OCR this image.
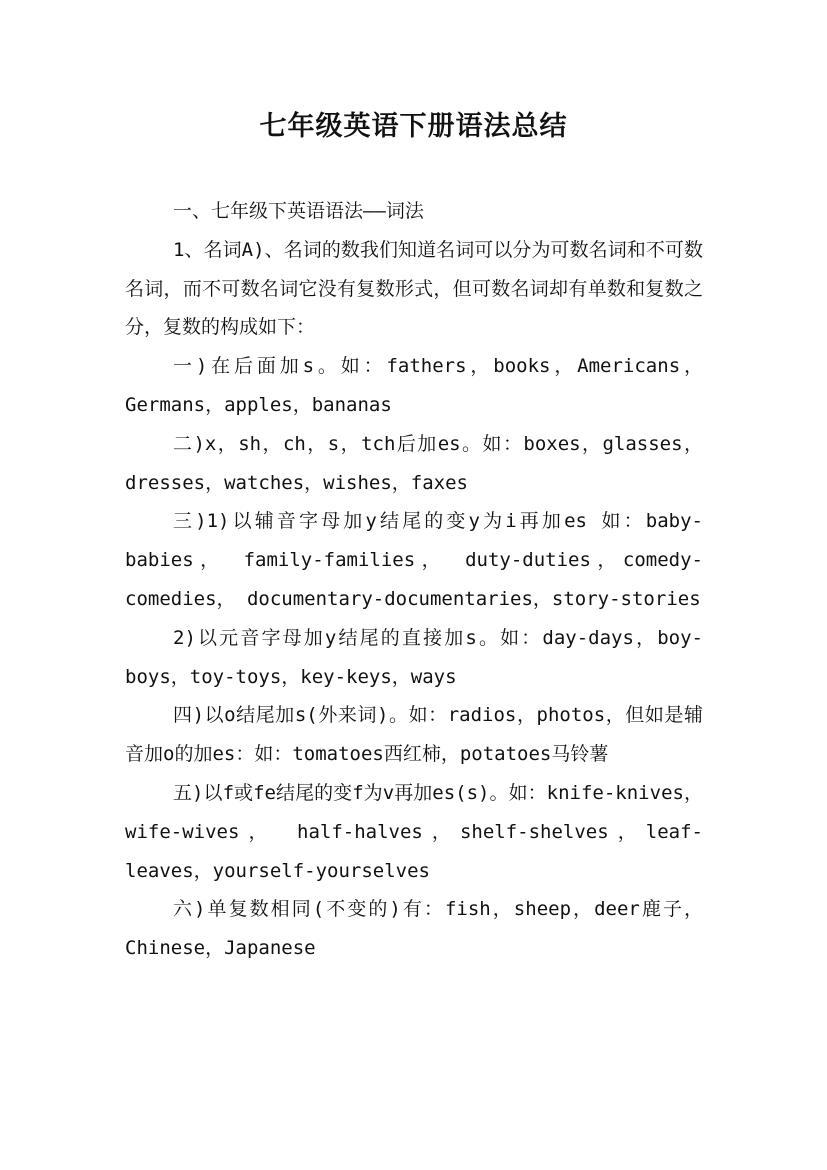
七年级英语下册语法总结

一、七年级下英语语法——词法

1、名词A)、名词的数我们知道名词可以分为可数名词和不可数名词，而不可数名词它没有复数形式，但可数名词却有单数和复数之分，复数的构成如下：

一)在后面加s。如：fathers，books，Americans，Germans，apples，bananas

二)x，sh，ch，s，tch后加es。如：boxes，glasses，dresses，watches，wishes，faxes

三)1)以辅音字母加y结尾的变y为i再加es 如：baby-babies， family-families， duty-duties，comedy-comedies， documentary-documentaries，story-stories

2)以元音字母加y结尾的直接加s。如：day-days，boy-boys，toy-toys，key-keys，ways

四)以o结尾加s(外来词)。如：radios，photos，但如是辅音加o的加es：如：tomatoes西红柿，potatoes马铃薯

五)以f或fe结尾的变f为v再加es(s)。如：knife-knives， wife-wives， half-halves，shelf-shelves，leaf-leaves，yourself-yourselves

六)单复数相同(不变的)有：fish，sheep，deer鹿子，Chinese，Japanese
